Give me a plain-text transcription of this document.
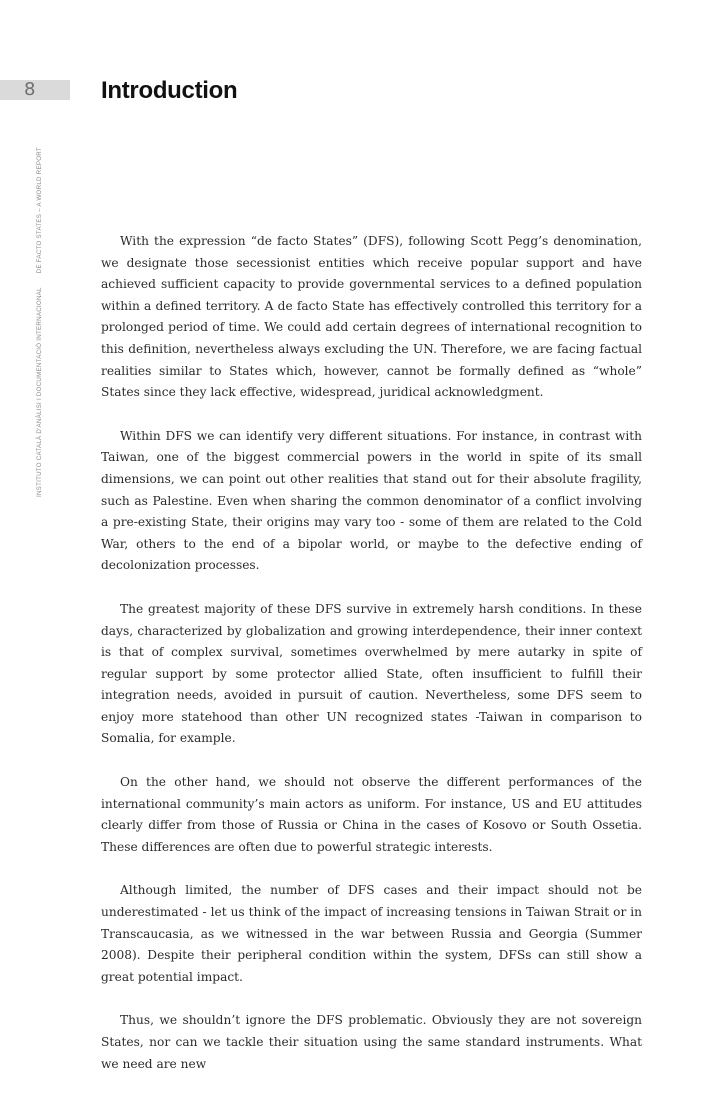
8	Introduction
INSTITUTO CATALÀ D'ANÀLISI I DOCUMENTACIÓ INTERNACIONAL DE FACTO STATES – A WORLD REPORT	With the expression “de facto States” (DFS), following Scott Pegg’s denomination, we designate those secessionist entities which receive popular support and have achieved sufficient capacity to provide governmental services to a defined population within a defined territory. A de facto State has effectively controlled this territory for a prolonged period of time. We could add certain degrees of international recognition to this definition, nevertheless always excluding the UN. Therefore, we are facing factual realities similar to States which, however, cannot be formally defined as “whole” States since they lack effective, widespread, juridical acknowledgment.

Within DFS we can identify very different situations. For instance, in contrast with Taiwan, one of the biggest commercial powers in the world in spite of its small dimensions, we can point out other realities that stand out for their absolute fragility, such as Palestine. Even when sharing the common denominator of a conflict involving a pre-existing State, their origins may vary too - some of them are related to the Cold War, others to the end of a bipolar world, or maybe to the defective ending of decolonization processes.

The greatest majority of these DFS survive in extremely harsh conditions. In these days, characterized by globalization and growing interdependence, their inner context is that of complex survival, sometimes overwhelmed by mere autarky in spite of regular support by some protector allied State, often insufficient to fulfill their integration needs, avoided in pursuit of caution. Nevertheless, some DFS seem to enjoy more statehood than other UN recognized states -Taiwan in comparison to Somalia, for example.

On the other hand, we should not observe the different performances of the international community’s main actors as uniform. For instance, US and EU attitudes clearly differ from those of Russia or China in the cases of Kosovo or South Ossetia. These differences are often due to powerful strategic interests.

Although limited, the number of DFS cases and their impact should not be underestimated - let us think of the impact of increasing tensions in Taiwan Strait or in Transcaucasia, as we witnessed in the war between Russia and Georgia (Summer 2008). Despite their peripheral condition within the system, DFSs can still show a great potential impact.

Thus, we shouldn’t ignore the DFS problematic. Obviously they are not sovereign States, nor can we tackle their situation using the same standard instruments. What we need are new
